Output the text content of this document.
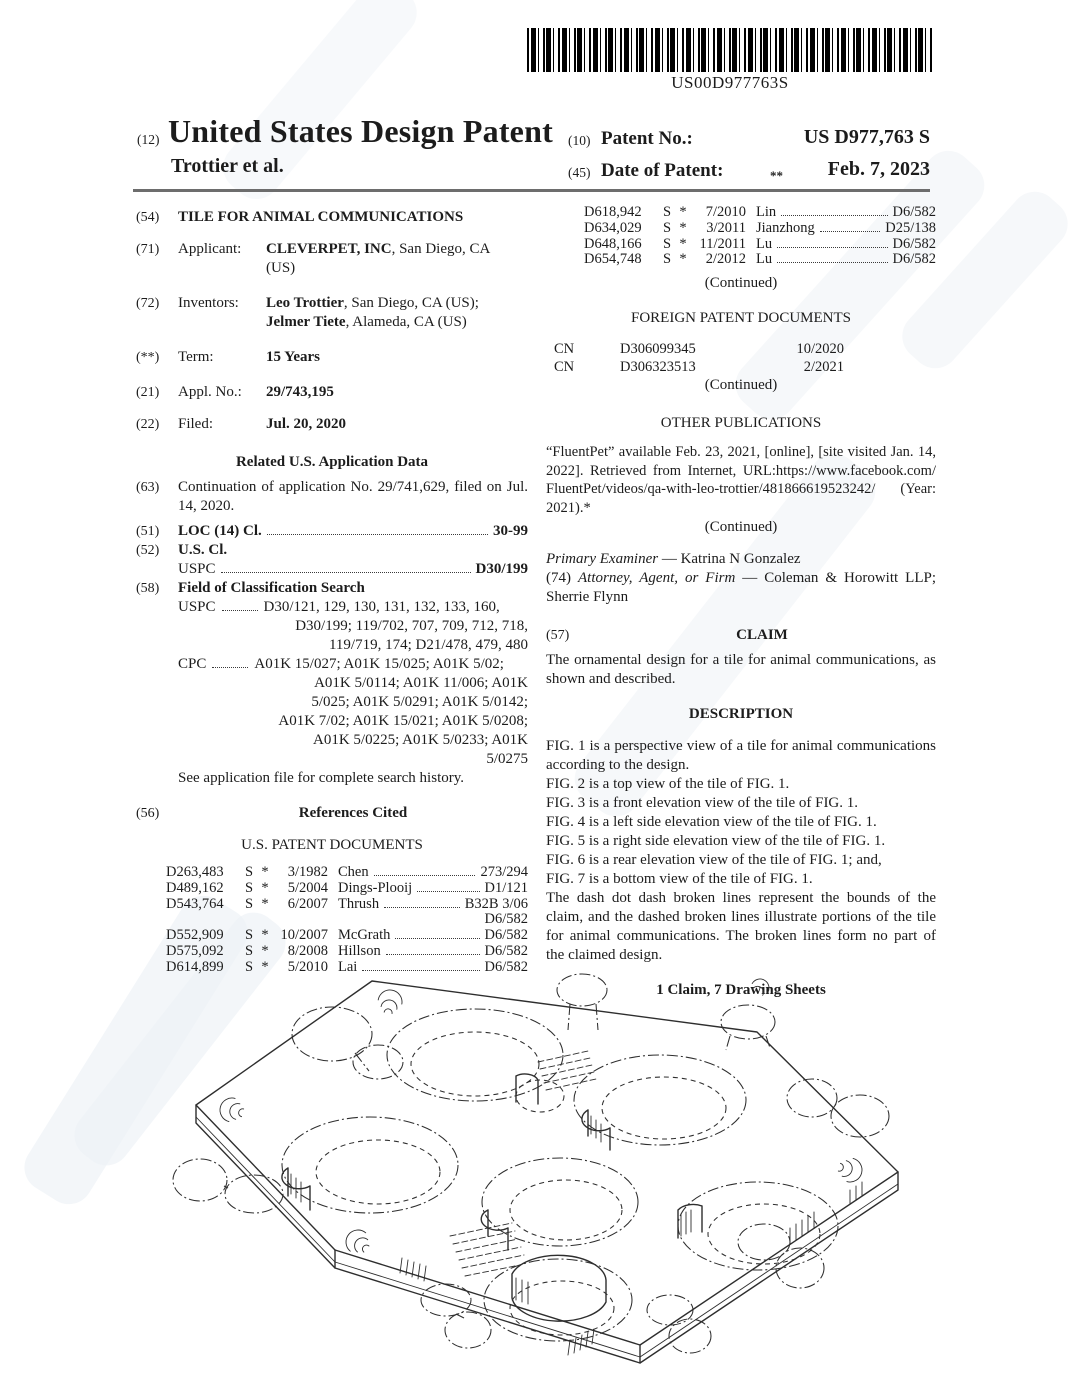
US00D977763S
(12) United States Design Patent
Trottier et al.
(10) Patent No.:	US D977,763 S
(45) Date of Patent:	**	Feb. 7, 2023
(54)	TILE FOR ANIMAL COMMUNICATIONS
(71)	Applicant:	CLEVERPET, INC, San Diego, CA
(US)
(72)	Inventors:	Leo Trottier, San Diego, CA (US);
Jelmer Tiete, Alameda, CA (US)
(**)	Term:	15 Years
(21)	Appl. No.:	29/743,195
(22)	Filed:	Jul. 20, 2020
Related U.S. Application Data
(63)	Continuation of application No. 29/741,629, filed on Jul. 14, 2020.
(51)	LOC (14) Cl.	30-99
(52)	U.S. Cl.
USPC	D30/199
(58)	Field of Classification Search
USPC	D30/121, 129, 130, 131, 132, 133, 160,
D30/199; 119/702, 707, 709, 712, 718,
119/719, 174; D21/478, 479, 480
CPC	A01K 15/027; A01K 15/025; A01K 5/02;
A01K 5/0114; A01K 11/006; A01K
5/025; A01K 5/0291; A01K 5/0142;
A01K 7/02; A01K 15/021; A01K 5/0208;
A01K 5/0225; A01K 5/0233; A01K
5/0275
See application file for complete search history.
(56)	References Cited
U.S. PATENT DOCUMENTS
D263,483	S *	3/1982 Chen	273/294
D489,162	S *	5/2004 Dings-Plooij	D1/121
D543,764	S *	6/2007 Thrush	B32B 3/06
D6/582
D552,909	S * 10/2007 McGrath	D6/582
D575,092	S *	8/2008 Hillson	D6/582
D614,899	S *	5/2010 Lai	D6/582
D618,942	S *	7/2010 Lin	D6/582
D634,029	S *	3/2011 Jianzhong	D25/138
D648,166	S * 11/2011 Lu	D6/582
D654,748	S *	2/2012 Lu	D6/582
(Continued)
FOREIGN PATENT DOCUMENTS
CN	D306099345	10/2020
CN	D306323513	2/2021
(Continued)
OTHER PUBLICATIONS
“FluentPet” available Feb. 23, 2021, [online], [site visited Jan. 14, 2022]. Retrieved from Internet, URL:https://www.facebook.com/ FluentPet/videos/qa-with-leo-trottier/481866619523242/ (Year: 2021).*
(Continued)
Primary Examiner — Katrina N Gonzalez
(74) Attorney, Agent, or Firm — Coleman & Horowitt LLP; Sherrie Flynn
(57)	CLAIM
The ornamental design for a tile for animal communications, as shown and described.
DESCRIPTION
FIG. 1 is a perspective view of a tile for animal communications according to the design.
FIG. 2 is a top view of the tile of FIG. 1.
FIG. 3 is a front elevation view of the tile of FIG. 1.
FIG. 4 is a left side elevation view of the tile of FIG. 1.
FIG. 5 is a right side elevation view of the tile of FIG. 1.
FIG. 6 is a rear elevation view of the tile of FIG. 1; and,
FIG. 7 is a bottom view of the tile of FIG. 1.
The dash dot dash broken lines represent the bounds of the claim, and the dashed broken lines illustrate portions of the tile for animal communications. The broken lines form no part of the claimed design.
1 Claim, 7 Drawing Sheets
